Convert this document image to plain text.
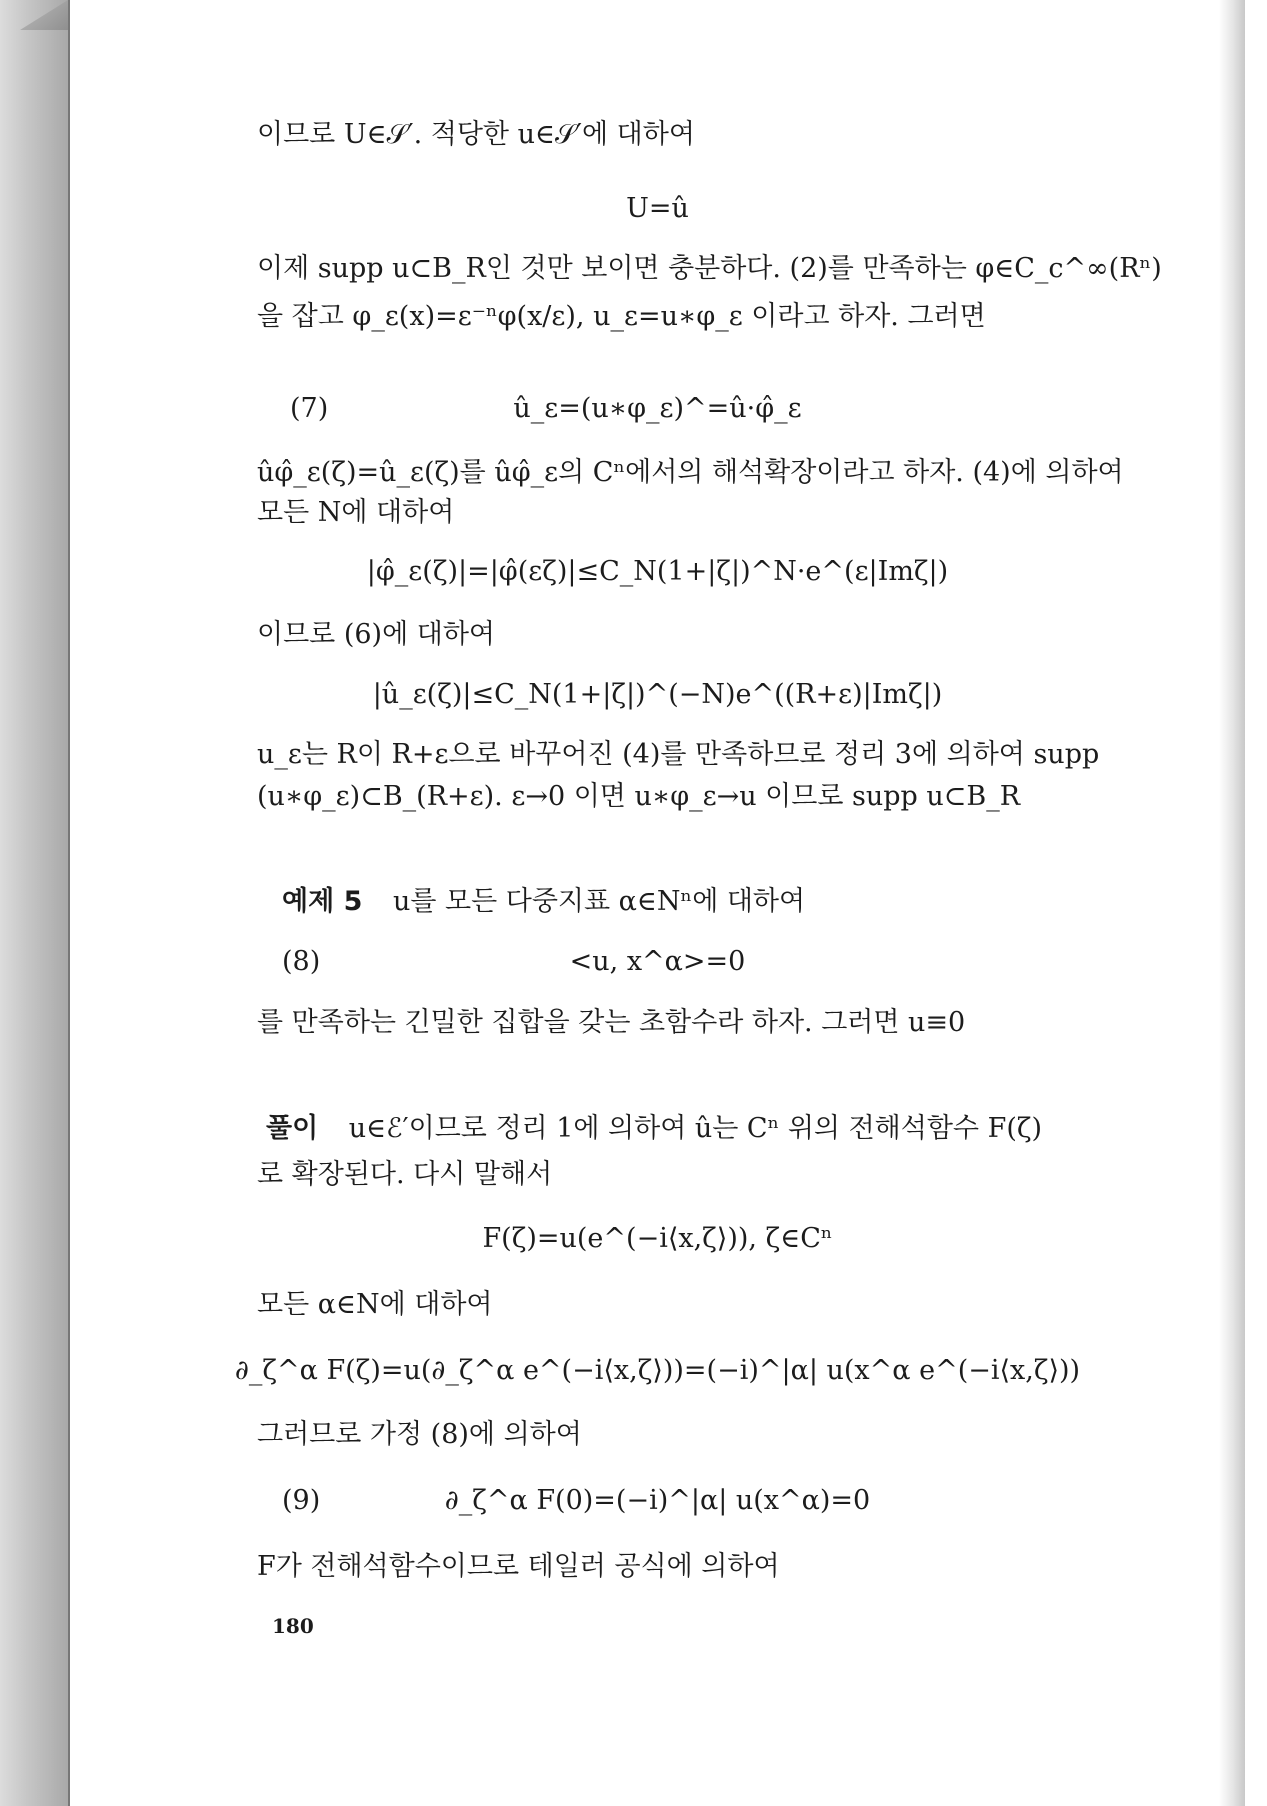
이므로 U∈𝒮′. 적당한 u∈𝒮′에 대하여
U=û
이제 supp u⊂B_R인 것만 보이면 충분하다. (2)를 만족하는 φ∈C_c^∞(Rⁿ)
을 잡고 φ_ε(x)=ε⁻ⁿφ(x/ε), u_ε=u∗φ_ε 이라고 하자. 그러면
(7)	û_ε=(u∗φ_ε)^=û·φ̂_ε
ûφ̂_ε(ζ)=û_ε(ζ)를 ûφ̂_ε의 Cⁿ에서의 해석확장이라고 하자. (4)에 의하여
모든 N에 대하여
|φ̂_ε(ζ)|=|φ̂(εζ)|≤C_N(1+|ζ|)^N·e^(ε|Imζ|)
이므로 (6)에 대하여
|û_ε(ζ)|≤C_N(1+|ζ|)^(−N)e^((R+ε)|Imζ|)
u_ε는 R이 R+ε으로 바꾸어진 (4)를 만족하므로 정리 3에 의하여 supp
(u∗φ_ε)⊂B_(R+ε). ε→0 이면 u∗φ_ε→u 이므로 supp u⊂B_R
예제 5 u를 모든 다중지표 α∈Nⁿ에 대하여
(8)	<u, x^α>=0
를 만족하는 긴밀한 집합을 갖는 초함수라 하자. 그러면 u≡0
풀이 u∈ℰ′이므로 정리 1에 의하여 û는 Cⁿ 위의 전해석함수 F(ζ)
로 확장된다. 다시 말해서
F(ζ)=u(e^(−i⟨x,ζ⟩)), ζ∈Cⁿ
모든 α∈N에 대하여
∂_ζ^α F(ζ)=u(∂_ζ^α e^(−i⟨x,ζ⟩))=(−i)^|α| u(x^α e^(−i⟨x,ζ⟩))
그러므로 가정 (8)에 의하여
(9)	∂_ζ^α F(0)=(−i)^|α| u(x^α)=0
F가 전해석함수이므로 테일러 공식에 의하여
180
